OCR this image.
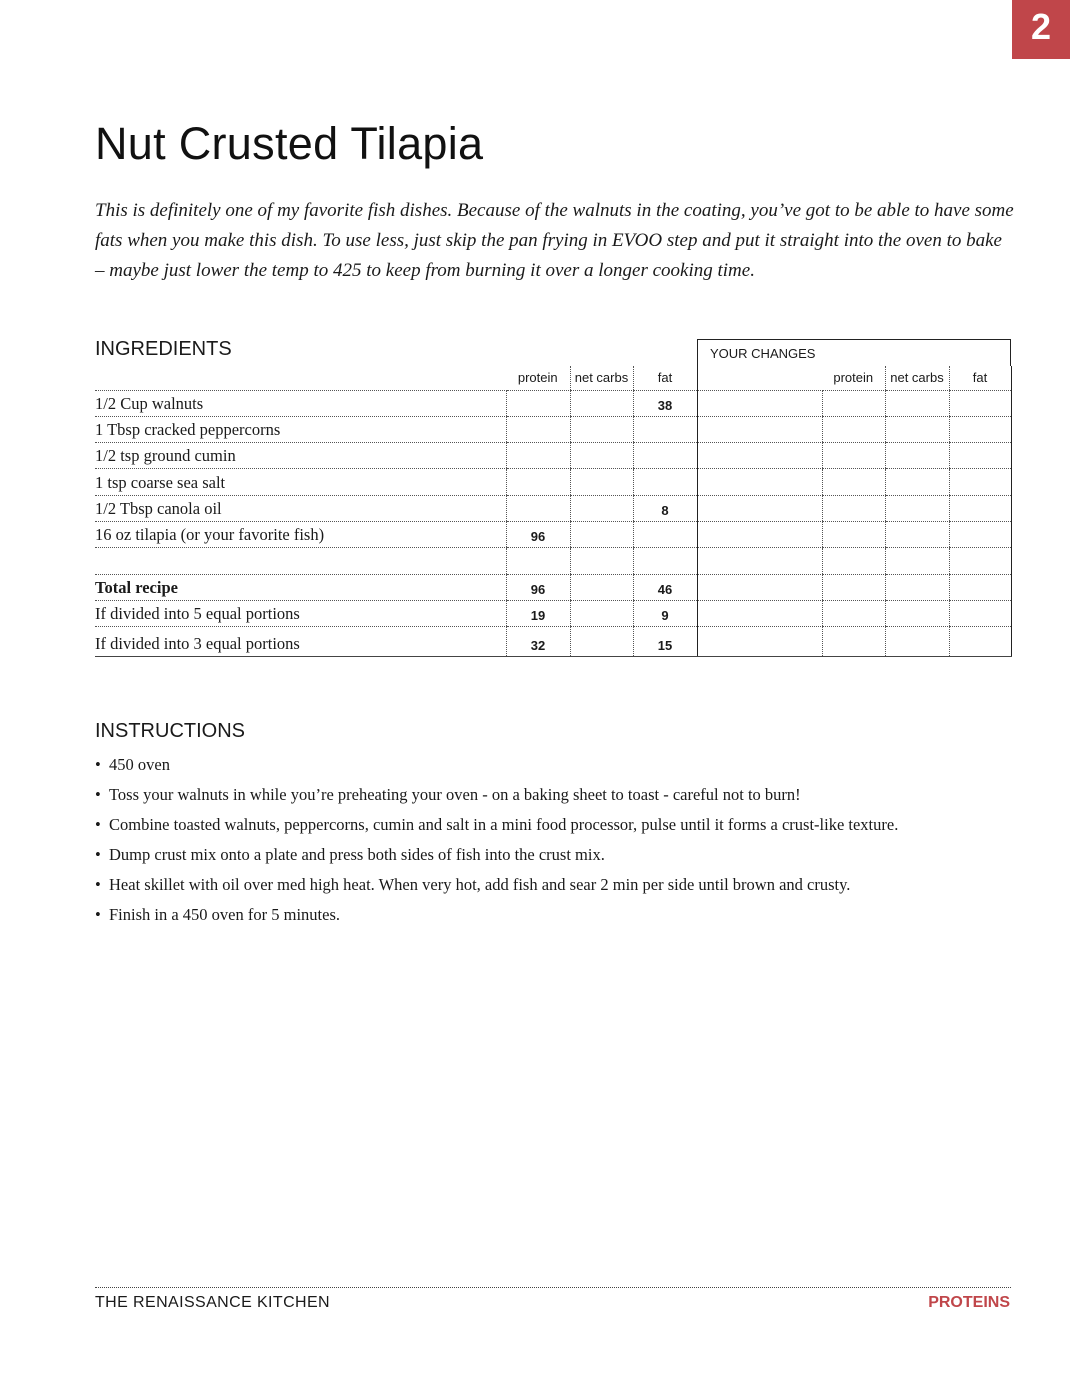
2
Nut Crusted Tilapia

This is definitely one of my favorite fish dishes. Because of the walnuts in the coating, you’ve got to be able to have some fats when you make this dish. To use less, just skip the pan frying in EVOO step and put it straight into the oven to bake – maybe just lower the temp to 425 to keep from burning it over a longer cooking time.

INGREDIENTS	YOUR CHANGES
	protein	net carbs	fat		protein	net carbs	fat
1/2 Cup walnuts			38				
1 Tbsp cracked peppercorns							
1/2 tsp ground cumin							
1 tsp coarse sea salt							
1/2 Tbsp canola oil			8				
16 oz tilapia (or your favorite fish)	96						

Total recipe	96		46				
If divided into 5 equal portions	19		9				
If divided into 3 equal portions	32		15				
INSTRUCTIONS
• 450 oven
• Toss your walnuts in while you’re preheating your oven - on a baking sheet to toast - careful not to burn!
• Combine toasted walnuts, peppercorns, cumin and salt in a mini food processor, pulse until it forms a crust-like texture.
• Dump crust mix onto a plate and press both sides of fish into the crust mix.
• Heat skillet with oil over med high heat. When very hot, add fish and sear 2 min per side until brown and crusty.
• Finish in a 450 oven for 5 minutes.
THE RENAISSANCE KITCHEN	PROTEINS
